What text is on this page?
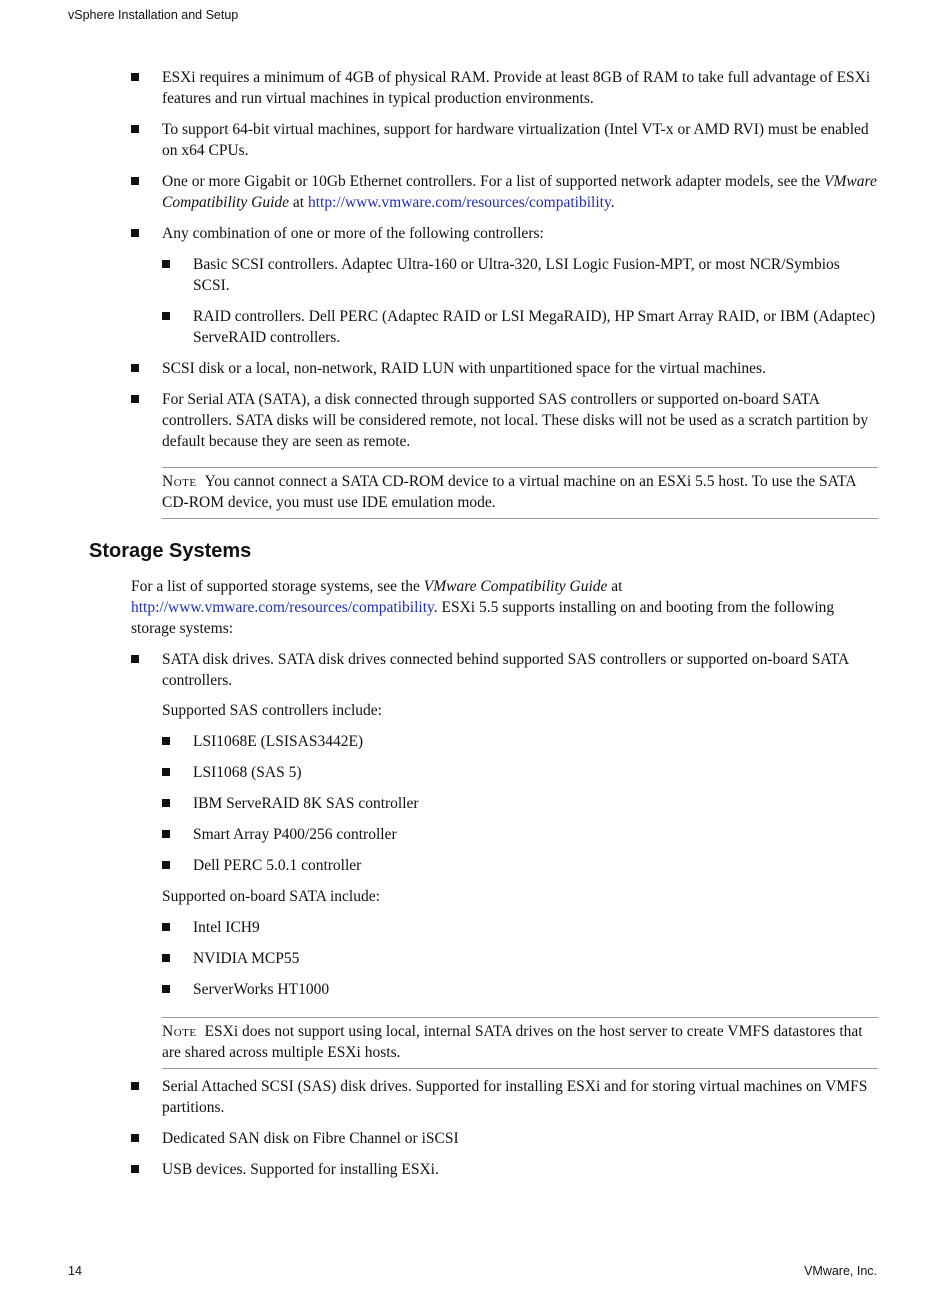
vSphere Installation and Setup
ESXi requires a minimum of 4GB of physical RAM. Provide at least 8GB of RAM to take full advantage of ESXi features and run virtual machines in typical production environments.
To support 64-bit virtual machines, support for hardware virtualization (Intel VT-x or AMD RVI) must be enabled on x64 CPUs.
One or more Gigabit or 10Gb Ethernet controllers. For a list of supported network adapter models, see the VMware Compatibility Guide at http://www.vmware.com/resources/compatibility.
Any combination of one or more of the following controllers:
Basic SCSI controllers. Adaptec Ultra-160 or Ultra-320, LSI Logic Fusion-MPT, or most NCR/Symbios SCSI.
RAID controllers. Dell PERC (Adaptec RAID or LSI MegaRAID), HP Smart Array RAID, or IBM (Adaptec) ServeRAID controllers.
SCSI disk or a local, non-network, RAID LUN with unpartitioned space for the virtual machines.
For Serial ATA (SATA), a disk connected through supported SAS controllers or supported on-board SATA controllers. SATA disks will be considered remote, not local. These disks will not be used as a scratch partition by default because they are seen as remote.
Note You cannot connect a SATA CD-ROM device to a virtual machine on an ESXi 5.5 host. To use the SATA CD-ROM device, you must use IDE emulation mode.
Storage Systems
For a list of supported storage systems, see the VMware Compatibility Guide at
http://www.vmware.com/resources/compatibility. ESXi 5.5 supports installing on and booting from the following storage systems:
SATA disk drives. SATA disk drives connected behind supported SAS controllers or supported on-board SATA controllers.
Supported SAS controllers include:
LSI1068E (LSISAS3442E)
LSI1068 (SAS 5)
IBM ServeRAID 8K SAS controller
Smart Array P400/256 controller
Dell PERC 5.0.1 controller
Supported on-board SATA include:
Intel ICH9
NVIDIA MCP55
ServerWorks HT1000
Note ESXi does not support using local, internal SATA drives on the host server to create VMFS datastores that are shared across multiple ESXi hosts.
Serial Attached SCSI (SAS) disk drives. Supported for installing ESXi and for storing virtual machines on VMFS partitions.
Dedicated SAN disk on Fibre Channel or iSCSI
USB devices. Supported for installing ESXi.
14	VMware, Inc.
